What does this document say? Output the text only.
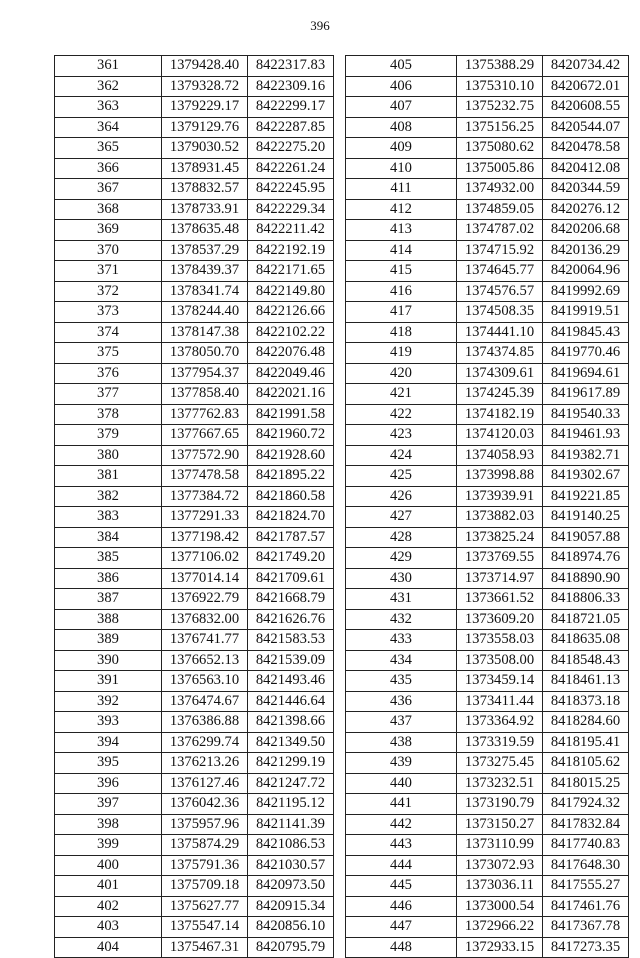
396
361	1379428.40	8422317.83
362	1379328.72	8422309.16
363	1379229.17	8422299.17
364	1379129.76	8422287.85
365	1379030.52	8422275.20
366	1378931.45	8422261.24
367	1378832.57	8422245.95
368	1378733.91	8422229.34
369	1378635.48	8422211.42
370	1378537.29	8422192.19
371	1378439.37	8422171.65
372	1378341.74	8422149.80
373	1378244.40	8422126.66
374	1378147.38	8422102.22
375	1378050.70	8422076.48
376	1377954.37	8422049.46
377	1377858.40	8422021.16
378	1377762.83	8421991.58
379	1377667.65	8421960.72
380	1377572.90	8421928.60
381	1377478.58	8421895.22
382	1377384.72	8421860.58
383	1377291.33	8421824.70
384	1377198.42	8421787.57
385	1377106.02	8421749.20
386	1377014.14	8421709.61
387	1376922.79	8421668.79
388	1376832.00	8421626.76
389	1376741.77	8421583.53
390	1376652.13	8421539.09
391	1376563.10	8421493.46
392	1376474.67	8421446.64
393	1376386.88	8421398.66
394	1376299.74	8421349.50
395	1376213.26	8421299.19
396	1376127.46	8421247.72
397	1376042.36	8421195.12
398	1375957.96	8421141.39
399	1375874.29	8421086.53
400	1375791.36	8421030.57
401	1375709.18	8420973.50
402	1375627.77	8420915.34
403	1375547.14	8420856.10
404	1375467.31	8420795.79
405	1375388.29	8420734.42
406	1375310.10	8420672.01
407	1375232.75	8420608.55
408	1375156.25	8420544.07
409	1375080.62	8420478.58
410	1375005.86	8420412.08
411	1374932.00	8420344.59
412	1374859.05	8420276.12
413	1374787.02	8420206.68
414	1374715.92	8420136.29
415	1374645.77	8420064.96
416	1374576.57	8419992.69
417	1374508.35	8419919.51
418	1374441.10	8419845.43
419	1374374.85	8419770.46
420	1374309.61	8419694.61
421	1374245.39	8419617.89
422	1374182.19	8419540.33
423	1374120.03	8419461.93
424	1374058.93	8419382.71
425	1373998.88	8419302.67
426	1373939.91	8419221.85
427	1373882.03	8419140.25
428	1373825.24	8419057.88
429	1373769.55	8418974.76
430	1373714.97	8418890.90
431	1373661.52	8418806.33
432	1373609.20	8418721.05
433	1373558.03	8418635.08
434	1373508.00	8418548.43
435	1373459.14	8418461.13
436	1373411.44	8418373.18
437	1373364.92	8418284.60
438	1373319.59	8418195.41
439	1373275.45	8418105.62
440	1373232.51	8418015.25
441	1373190.79	8417924.32
442	1373150.27	8417832.84
443	1373110.99	8417740.83
444	1373072.93	8417648.30
445	1373036.11	8417555.27
446	1373000.54	8417461.76
447	1372966.22	8417367.78
448	1372933.15	8417273.35
